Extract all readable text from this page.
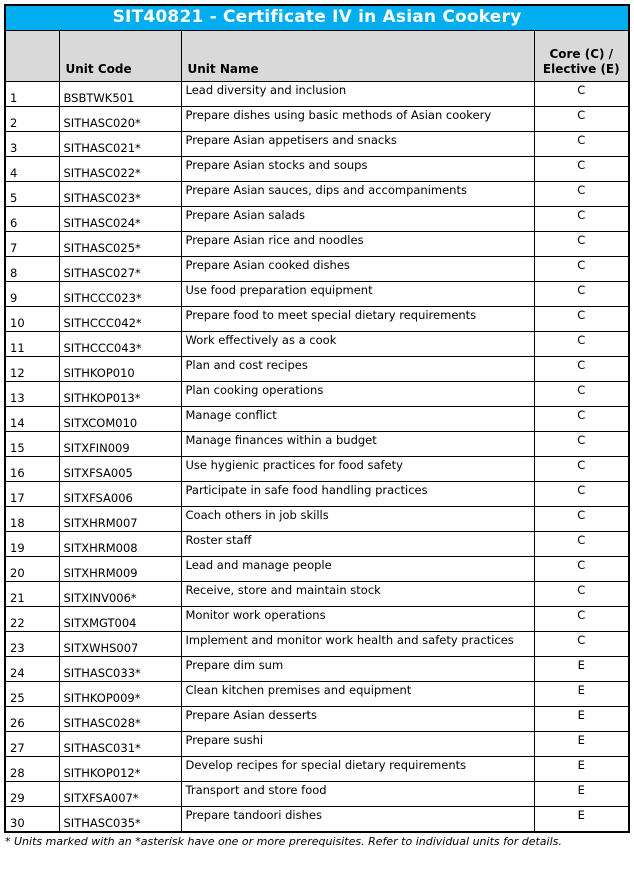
SIT40821 - Certificate IV in Asian Cookery			
	Unit Code	Unit Name	Core (C) / Elective (E)
1	BSBTWK501	Lead diversity and inclusion	C
2	SITHASC020*	Prepare dishes using basic methods of Asian cookery	C
3	SITHASC021*	Prepare Asian appetisers and snacks	C
4	SITHASC022*	Prepare Asian stocks and soups	C
5	SITHASC023*	Prepare Asian sauces, dips and accompaniments	C
6	SITHASC024*	Prepare Asian salads	C
7	SITHASC025*	Prepare Asian rice and noodles	C
8	SITHASC027*	Prepare Asian cooked dishes	C
9	SITHCCC023*	Use food preparation equipment	C
10	SITHCCC042*	Prepare food to meet special dietary requirements	C
11	SITHCCC043*	Work effectively as a cook	C
12	SITHKOP010	Plan and cost recipes	C
13	SITHKOP013*	Plan cooking operations	C
14	SITXCOM010	Manage conflict	C
15	SITXFIN009	Manage finances within a budget	C
16	SITXFSA005	Use hygienic practices for food safety	C
17	SITXFSA006	Participate in safe food handling practices	C
18	SITXHRM007	Coach others in job skills	C
19	SITXHRM008	Roster staff	C
20	SITXHRM009	Lead and manage people	C
21	SITXINV006*	Receive, store and maintain stock	C
22	SITXMGT004	Monitor work operations	C
23	SITXWHS007	Implement and monitor work health and safety practices	C
24	SITHASC033*	Prepare dim sum	E
25	SITHKOP009*	Clean kitchen premises and equipment	E
26	SITHASC028*	Prepare Asian desserts	E
27	SITHASC031*	Prepare sushi	E
28	SITHKOP012*	Develop recipes for special dietary requirements	E
29	SITXFSA007*	Transport and store food	E
30	SITHASC035*	Prepare tandoori dishes	E
* Units marked with an *asterisk have one or more prerequisites. Refer to individual units for details.
